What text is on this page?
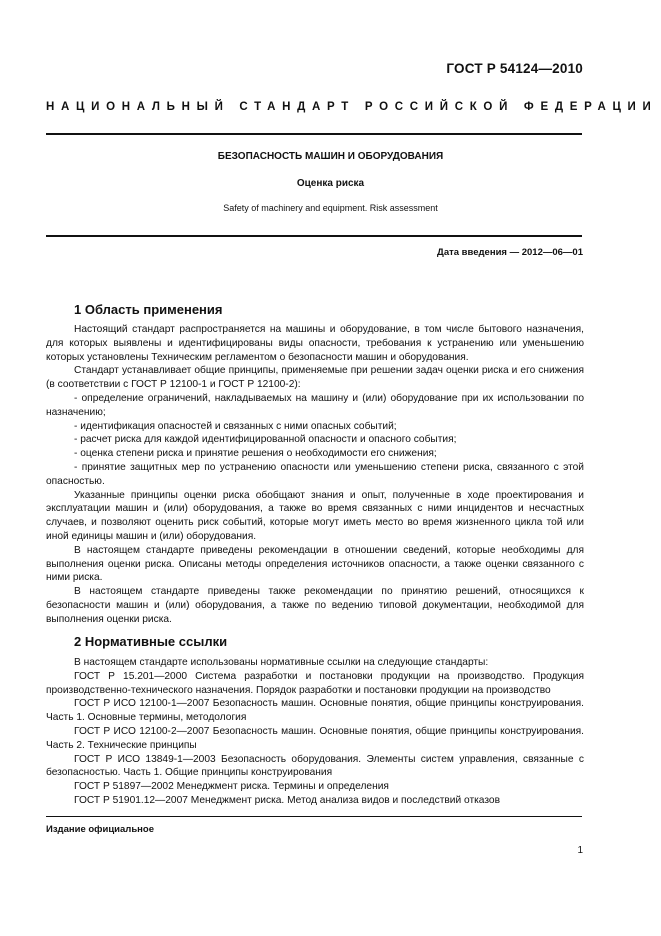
ГОСТ Р 54124—2010
НАЦИОНАЛЬНЫЙ СТАНДАРТ РОССИЙСКОЙ ФЕДЕРАЦИИ
БЕЗОПАСНОСТЬ МАШИН И ОБОРУДОВАНИЯ
Оценка риска
Safety of machinery and equipment. Risk assessment
Дата введения — 2012—06—01
1 Область применения

Настоящий стандарт распространяется на машины и оборудование, в том числе бытового назначения, для которых выявлены и идентифицированы виды опасности, требования к устранению или уменьшению которых установлены Техническим регламентом о безопасности машин и оборудования.

Стандарт устанавливает общие принципы, применяемые при решении задач оценки риска и его снижения (в соответствии с ГОСТ Р 12100-1 и ГОСТ Р 12100-2):

- определение ограничений, накладываемых на машину и (или) оборудование при их использовании по назначению;

- идентификация опасностей и связанных с ними опасных событий;

- расчет риска для каждой идентифицированной опасности и опасного события;

- оценка степени риска и принятие решения о необходимости его снижения;

- принятие защитных мер по устранению опасности или уменьшению степени риска, связанного с этой опасностью.

Указанные принципы оценки риска обобщают знания и опыт, полученные в ходе проектирования и эксплуатации машин и (или) оборудования, а также во время связанных с ними инцидентов и несчастных случаев, и позволяют оценить риск событий, которые могут иметь место во время жизненного цикла той или иной единицы машин и (или) оборудования.

В настоящем стандарте приведены рекомендации в отношении сведений, которые необходимы для выполнения оценки риска. Описаны методы определения источников опасности, а также оценки связанного с ними риска.

В настоящем стандарте приведены также рекомендации по принятию решений, относящихся к безопасности машин и (или) оборудования, а также по ведению типовой документации, необходимой для выполнения оценки риска.

2 Нормативные ссылки

В настоящем стандарте использованы нормативные ссылки на следующие стандарты:

ГОСТ Р 15.201—2000 Система разработки и постановки продукции на производство. Продукция производственно-технического назначения. Порядок разработки и постановки продукции на производство

ГОСТ Р ИСО 12100-1—2007 Безопасность машин. Основные понятия, общие принципы конструирования. Часть 1. Основные термины, методология

ГОСТ Р ИСО 12100-2—2007 Безопасность машин. Основные понятия, общие принципы конструирования. Часть 2. Технические принципы

ГОСТ Р ИСО 13849-1—2003 Безопасность оборудования. Элементы систем управления, связанные с безопасностью. Часть 1. Общие принципы конструирования

ГОСТ Р 51897—2002 Менеджмент риска. Термины и определения

ГОСТ Р 51901.12—2007 Менеджмент риска. Метод анализа видов и последствий отказов

Издание официальное
1
